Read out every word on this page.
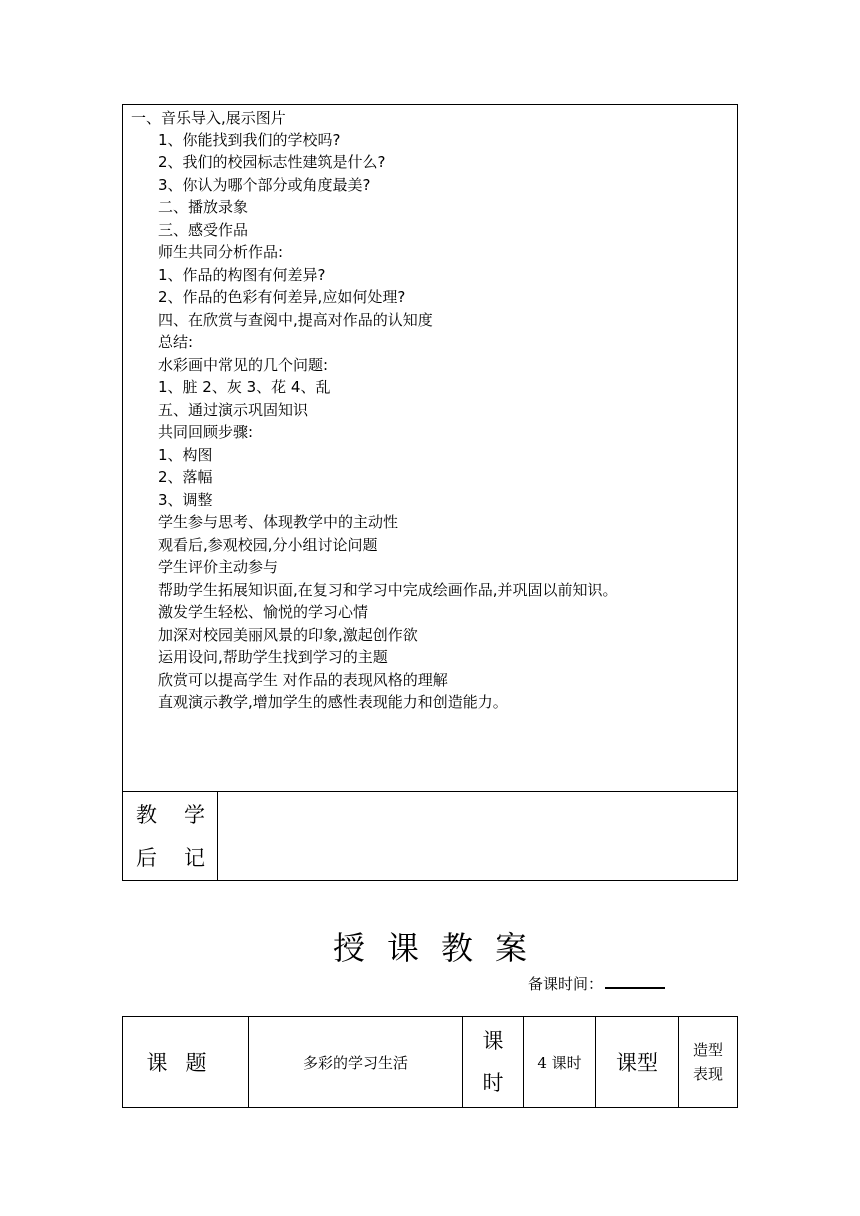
一、音乐导入,展示图片
1、你能找到我们的学校吗?
2、我们的校园标志性建筑是什么?
3、你认为哪个部分或角度最美?
二、播放录象
三、感受作品
师生共同分析作品:
1、作品的构图有何差异?
2、作品的色彩有何差异,应如何处理?
四、在欣赏与查阅中,提高对作品的认知度
总结:
水彩画中常见的几个问题:
1、脏 2、灰 3、花 4、乱
五、通过演示巩固知识
共同回顾步骤:
1、构图
2、落幅
3、调整
学生参与思考、体现教学中的主动性
观看后,参观校园,分小组讨论问题
学生评价主动参与
帮助学生拓展知识面,在复习和学习中完成绘画作品,并巩固以前知识。
激发学生轻松、愉悦的学习心情
加深对校园美丽风景的印象,激起创作欲
运用设问,帮助学生找到学习的主题
欣赏可以提高学生 对作品的表现风格的理解
直观演示教学,增加学生的感性表现能力和创造能力。
教 学
后 记
授 课 教 案
备课时间：
课题	多彩的学习生活
课
时
4 课时	课型
造型
表现
